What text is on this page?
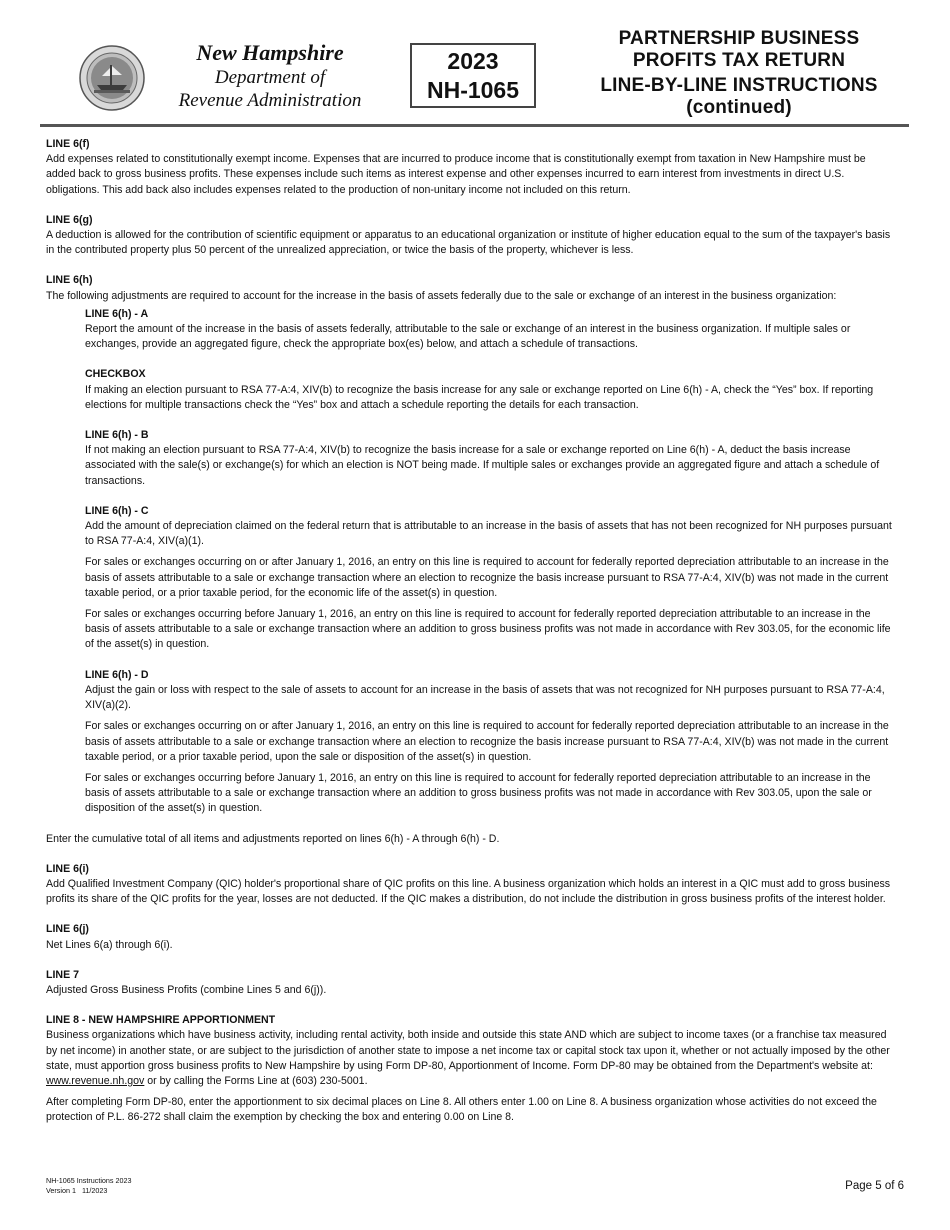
New Hampshire
Department of
Revenue Administration
2023
NH-1065
PARTNERSHIP BUSINESS
PROFITS TAX RETURN
LINE-BY-LINE INSTRUCTIONS
(continued)
LINE 6(f)

Add expenses related to constitutionally exempt income. Expenses that are incurred to produce income that is constitutionally exempt from taxation in New Hampshire must be added back to gross business profits. These expenses include such items as interest expense and other expenses incurred to earn interest from investments in direct U.S. obligations. This add back also includes expenses related to the production of non-unitary income not included on this return.

LINE 6(g)

A deduction is allowed for the contribution of scientific equipment or apparatus to an educational organization or institute of higher education equal to the sum of the taxpayer's basis in the contributed property plus 50 percent of the unrealized appreciation, or twice the basis of the property, whichever is less.

LINE 6(h)

The following adjustments are required to account for the increase in the basis of assets federally due to the sale or exchange of an interest in the business organization:

LINE 6(h) - A

Report the amount of the increase in the basis of assets federally, attributable to the sale or exchange of an interest in the business organization. If multiple sales or exchanges, provide an aggregated figure, check the appropriate box(es) below, and attach a schedule of transactions.

CHECKBOX

If making an election pursuant to RSA 77-A:4, XIV(b) to recognize the basis increase for any sale or exchange reported on Line 6(h) - A, check the “Yes” box. If reporting elections for multiple transactions check the “Yes” box and attach a schedule reporting the details for each transaction.

LINE 6(h) - B

If not making an election pursuant to RSA 77-A:4, XIV(b) to recognize the basis increase for a sale or exchange reported on Line 6(h) - A, deduct the basis increase associated with the sale(s) or exchange(s) for which an election is NOT being made. If multiple sales or exchanges provide an aggregated figure and attach a schedule of transactions.

LINE 6(h) - C

Add the amount of depreciation claimed on the federal return that is attributable to an increase in the basis of assets that has not been recognized for NH purposes pursuant to RSA 77-A:4, XIV(a)(1).

For sales or exchanges occurring on or after January 1, 2016, an entry on this line is required to account for federally reported depreciation attributable to an increase in the basis of assets attributable to a sale or exchange transaction where an election to recognize the basis increase pursuant to RSA 77-A:4, XIV(b) was not made in the current taxable period, or a prior taxable period, for the economic life of the asset(s) in question.

For sales or exchanges occurring before January 1, 2016, an entry on this line is required to account for federally reported depreciation attributable to an increase in the basis of assets attributable to a sale or exchange transaction where an addition to gross business profits was not made in accordance with Rev 303.05, for the economic life of the asset(s) in question.

LINE 6(h) - D

Adjust the gain or loss with respect to the sale of assets to account for an increase in the basis of assets that was not recognized for NH purposes pursuant to RSA 77-A:4, XIV(a)(2).

For sales or exchanges occurring on or after January 1, 2016, an entry on this line is required to account for federally reported depreciation attributable to an increase in the basis of assets attributable to a sale or exchange transaction where an election to recognize the basis increase pursuant to RSA 77-A:4, XIV(b) was not made in the current taxable period, or a prior taxable period, upon the sale or disposition of the asset(s) in question.

For sales or exchanges occurring before January 1, 2016, an entry on this line is required to account for federally reported depreciation attributable to an increase in the basis of assets attributable to a sale or exchange transaction where an addition to gross business profits was not made in accordance with Rev 303.05, upon the sale or disposition of the asset(s) in question.

Enter the cumulative total of all items and adjustments reported on lines 6(h) - A through 6(h) - D.

LINE 6(i)

Add Qualified Investment Company (QIC) holder's proportional share of QIC profits on this line. A business organization which holds an interest in a QIC must add to gross business profits its share of the QIC profits for the year, losses are not deducted. If the QIC makes a distribution, do not include the distribution in gross business profits of the interest holder.

LINE 6(j)

Net Lines 6(a) through 6(i).

LINE 7

Adjusted Gross Business Profits (combine Lines 5 and 6(j)).

LINE 8 - NEW HAMPSHIRE APPORTIONMENT

Business organizations which have business activity, including rental activity, both inside and outside this state AND which are subject to income taxes (or a franchise tax measured by net income) in another state, or are subject to the jurisdiction of another state to impose a net income tax or capital stock tax upon it, whether or not actually imposed by the other state, must apportion gross business profits to New Hampshire by using Form DP-80, Apportionment of Income. Form DP-80 may be obtained from the Department's website at: www.revenue.nh.gov or by calling the Forms Line at (603) 230-5001.

After completing Form DP-80, enter the apportionment to six decimal places on Line 8. All others enter 1.00 on Line 8. A business organization whose activities do not exceed the protection of P.L. 86-272 shall claim the exemption by checking the box and entering 0.00 on Line 8.

NH-1065 Instructions 2023
Version 1   11/2023	Page 5 of 6
